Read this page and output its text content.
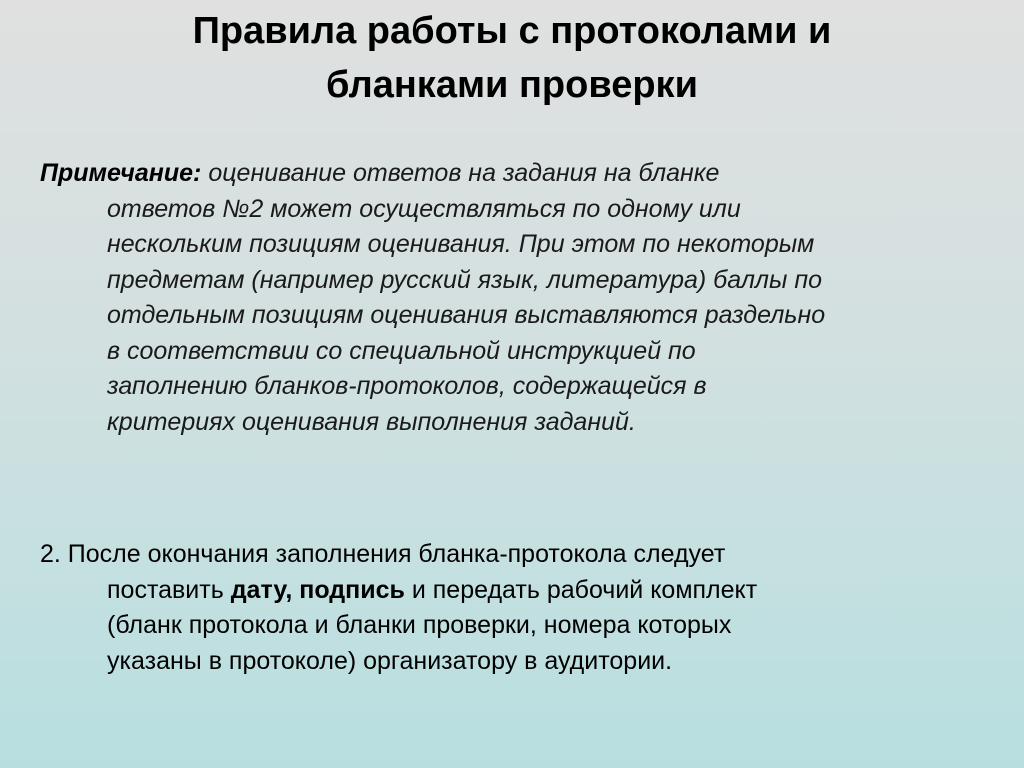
Правила работы с протоколами и
бланками проверки
Примечание: оценивание ответов на задания на бланке
ответов №2 может осуществляться по одному или
нескольким позициям оценивания. При этом по некоторым
предметам (например русский язык, литература) баллы по
отдельным позициям оценивания выставляются раздельно
в соответствии со специальной инструкцией по
заполнению бланков-протоколов, содержащейся в
критериях оценивания выполнения заданий.
2. После окончания заполнения бланка-протокола следует
поставить дату, подпись и передать рабочий комплект
(бланк протокола и бланки проверки, номера которых
указаны в протоколе) организатору в аудитории.
